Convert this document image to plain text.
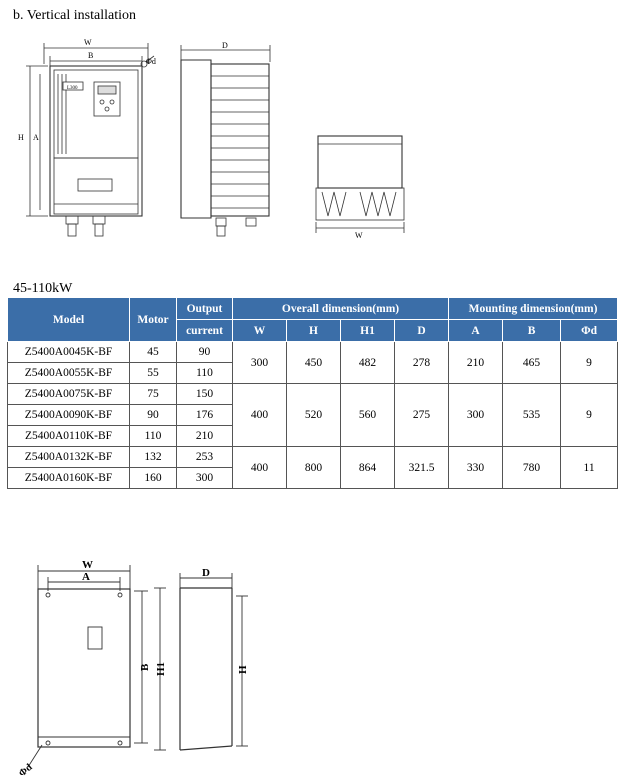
b. Vertical installation
W
B
Φd
H A
L300
D
W
45-110kW
Model	Motor	Output	Overall dimension(mm)				Mounting dimension(mm)		
		current	W	H	H1	D	A	B	Φd
Z5400A0045K-BF	45	90	300	450	482	278	210	465	9
Z5400A0055K-BF	55	110							
Z5400A0075K-BF	75	150	400	520	560	275	300	535	9
Z5400A0090K-BF	90	176							
Z5400A0110K-BF	110	210							
Z5400A0132K-BF	132	253	400	800	864	321.5	330	780	11
Z5400A0160K-BF	160	300							
W
A
B
Φd
D
H1	H
